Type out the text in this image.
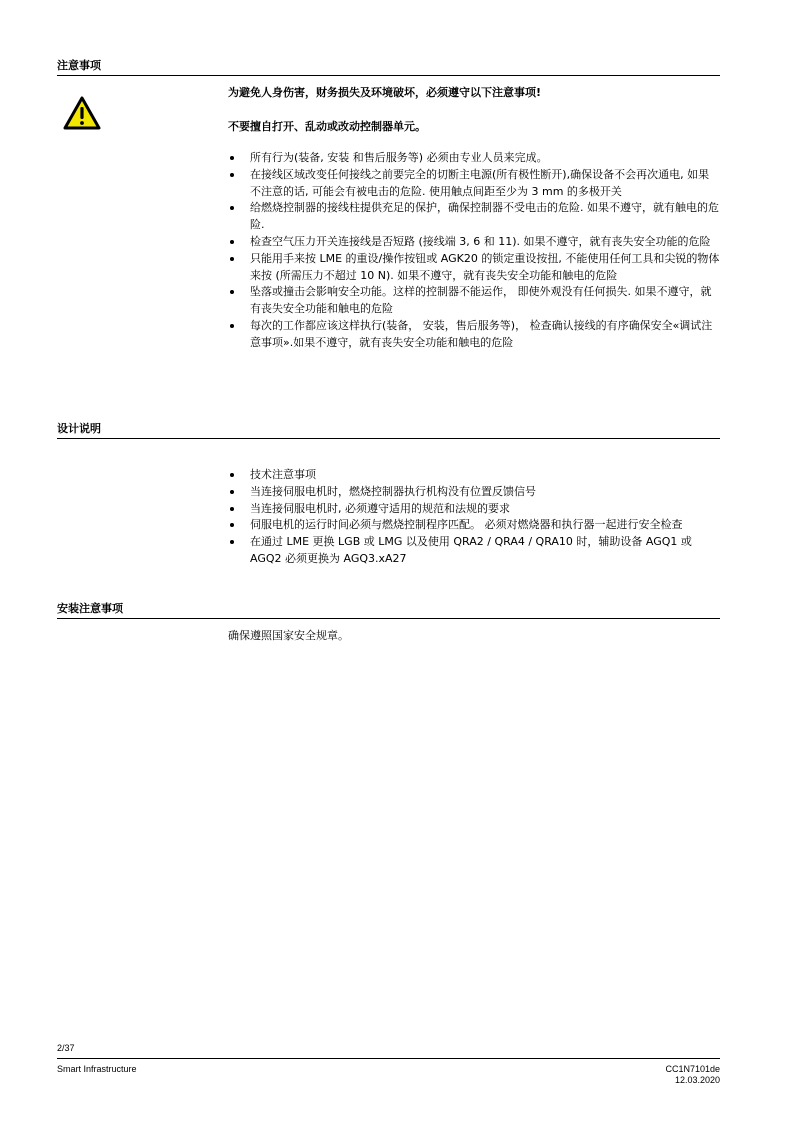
注意事项

为避免人身伤害，财务损失及环境破坏，必须遵守以下注意事项!

不要擅自打开、乱动或改动控制器单元。

所有行为(装备, 安装 和售后服务等) 必须由专业人员来完成。
在接线区域改变任何接线之前要完全的切断主电源(所有极性断开),确保设备不会再次通电, 如果不注意的话, 可能会有被电击的危险. 使用触点间距至少为 3 mm 的多极开关
给燃烧控制器的接线柱提供充足的保护，确保控制器不受电击的危险. 如果不遵守，就有触电的危险.
检查空气压力开关连接线是否短路 (接线端 3, 6 和 11). 如果不遵守，就有丧失安全功能的危险
只能用手来按 LME 的重设/操作按钮或 AGK20 的锁定重设按扭, 不能使用任何工具和尖锐的物体来按 (所需压力不超过 10 N). 如果不遵守，就有丧失安全功能和触电的危险
坠落或撞击会影响安全功能。这样的控制器不能运作， 即使外观没有任何损失. 如果不遵守，就有丧失安全功能和触电的危险
每次的工作都应该这样执行(装备， 安装，售后服务等)， 检查确认接线的有序确保安全«调试注意事项».如果不遵守，就有丧失安全功能和触电的危险
设计说明
技术注意事项
当连接伺服电机时，燃烧控制器执行机构没有位置反馈信号
当连接伺服电机时, 必须遵守适用的规范和法规的要求
伺服电机的运行时间必须与燃烧控制程序匹配。 必须对燃烧器和执行器一起进行安全检查
在通过 LME 更换 LGB 或 LMG 以及使用 QRA2 / QRA4 / QRA10 时，辅助设备 AGQ1 或 AGQ2 必须更换为 AGQ3.xA27
安装注意事项

确保遵照国家安全规章。

2/37
Smart Infrastructure	CC1N7101de
12.03.2020
